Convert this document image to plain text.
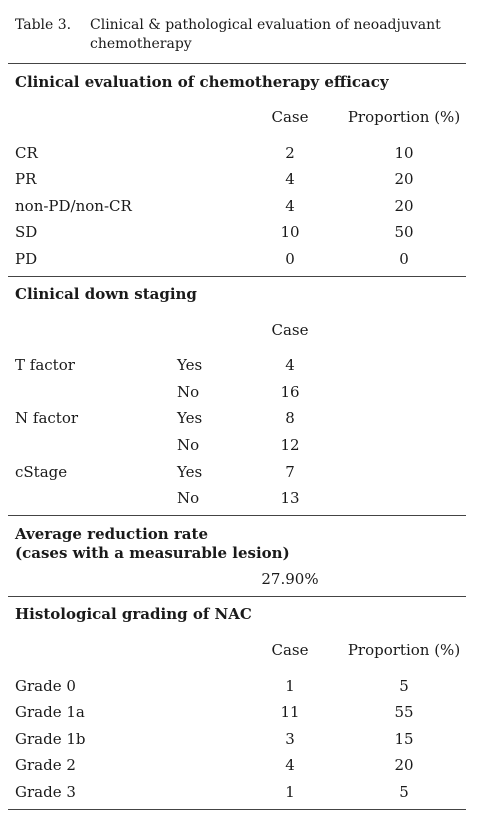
Table 3.	Clinical & pathological evaluation of neoadjuvant chemotherapy
Clinical evaluation of chemotherapy efficacy
Case	Proportion (%)
CR	2	10
PR	4	20
non-PD/non-CR	4	20
SD	10	50
PD	0	0
Clinical down staging
Case
T factor	Yes	4
No	16
N factor	Yes	8
No	12
cStage	Yes	7
No	13
Average reduction rate
(cases with a measurable lesion)
27.90%
Histological grading of NAC
Case	Proportion (%)
Grade 0	1	5
Grade 1a	11	55
Grade 1b	3	15
Grade 2	4	20
Grade 3	1	5
